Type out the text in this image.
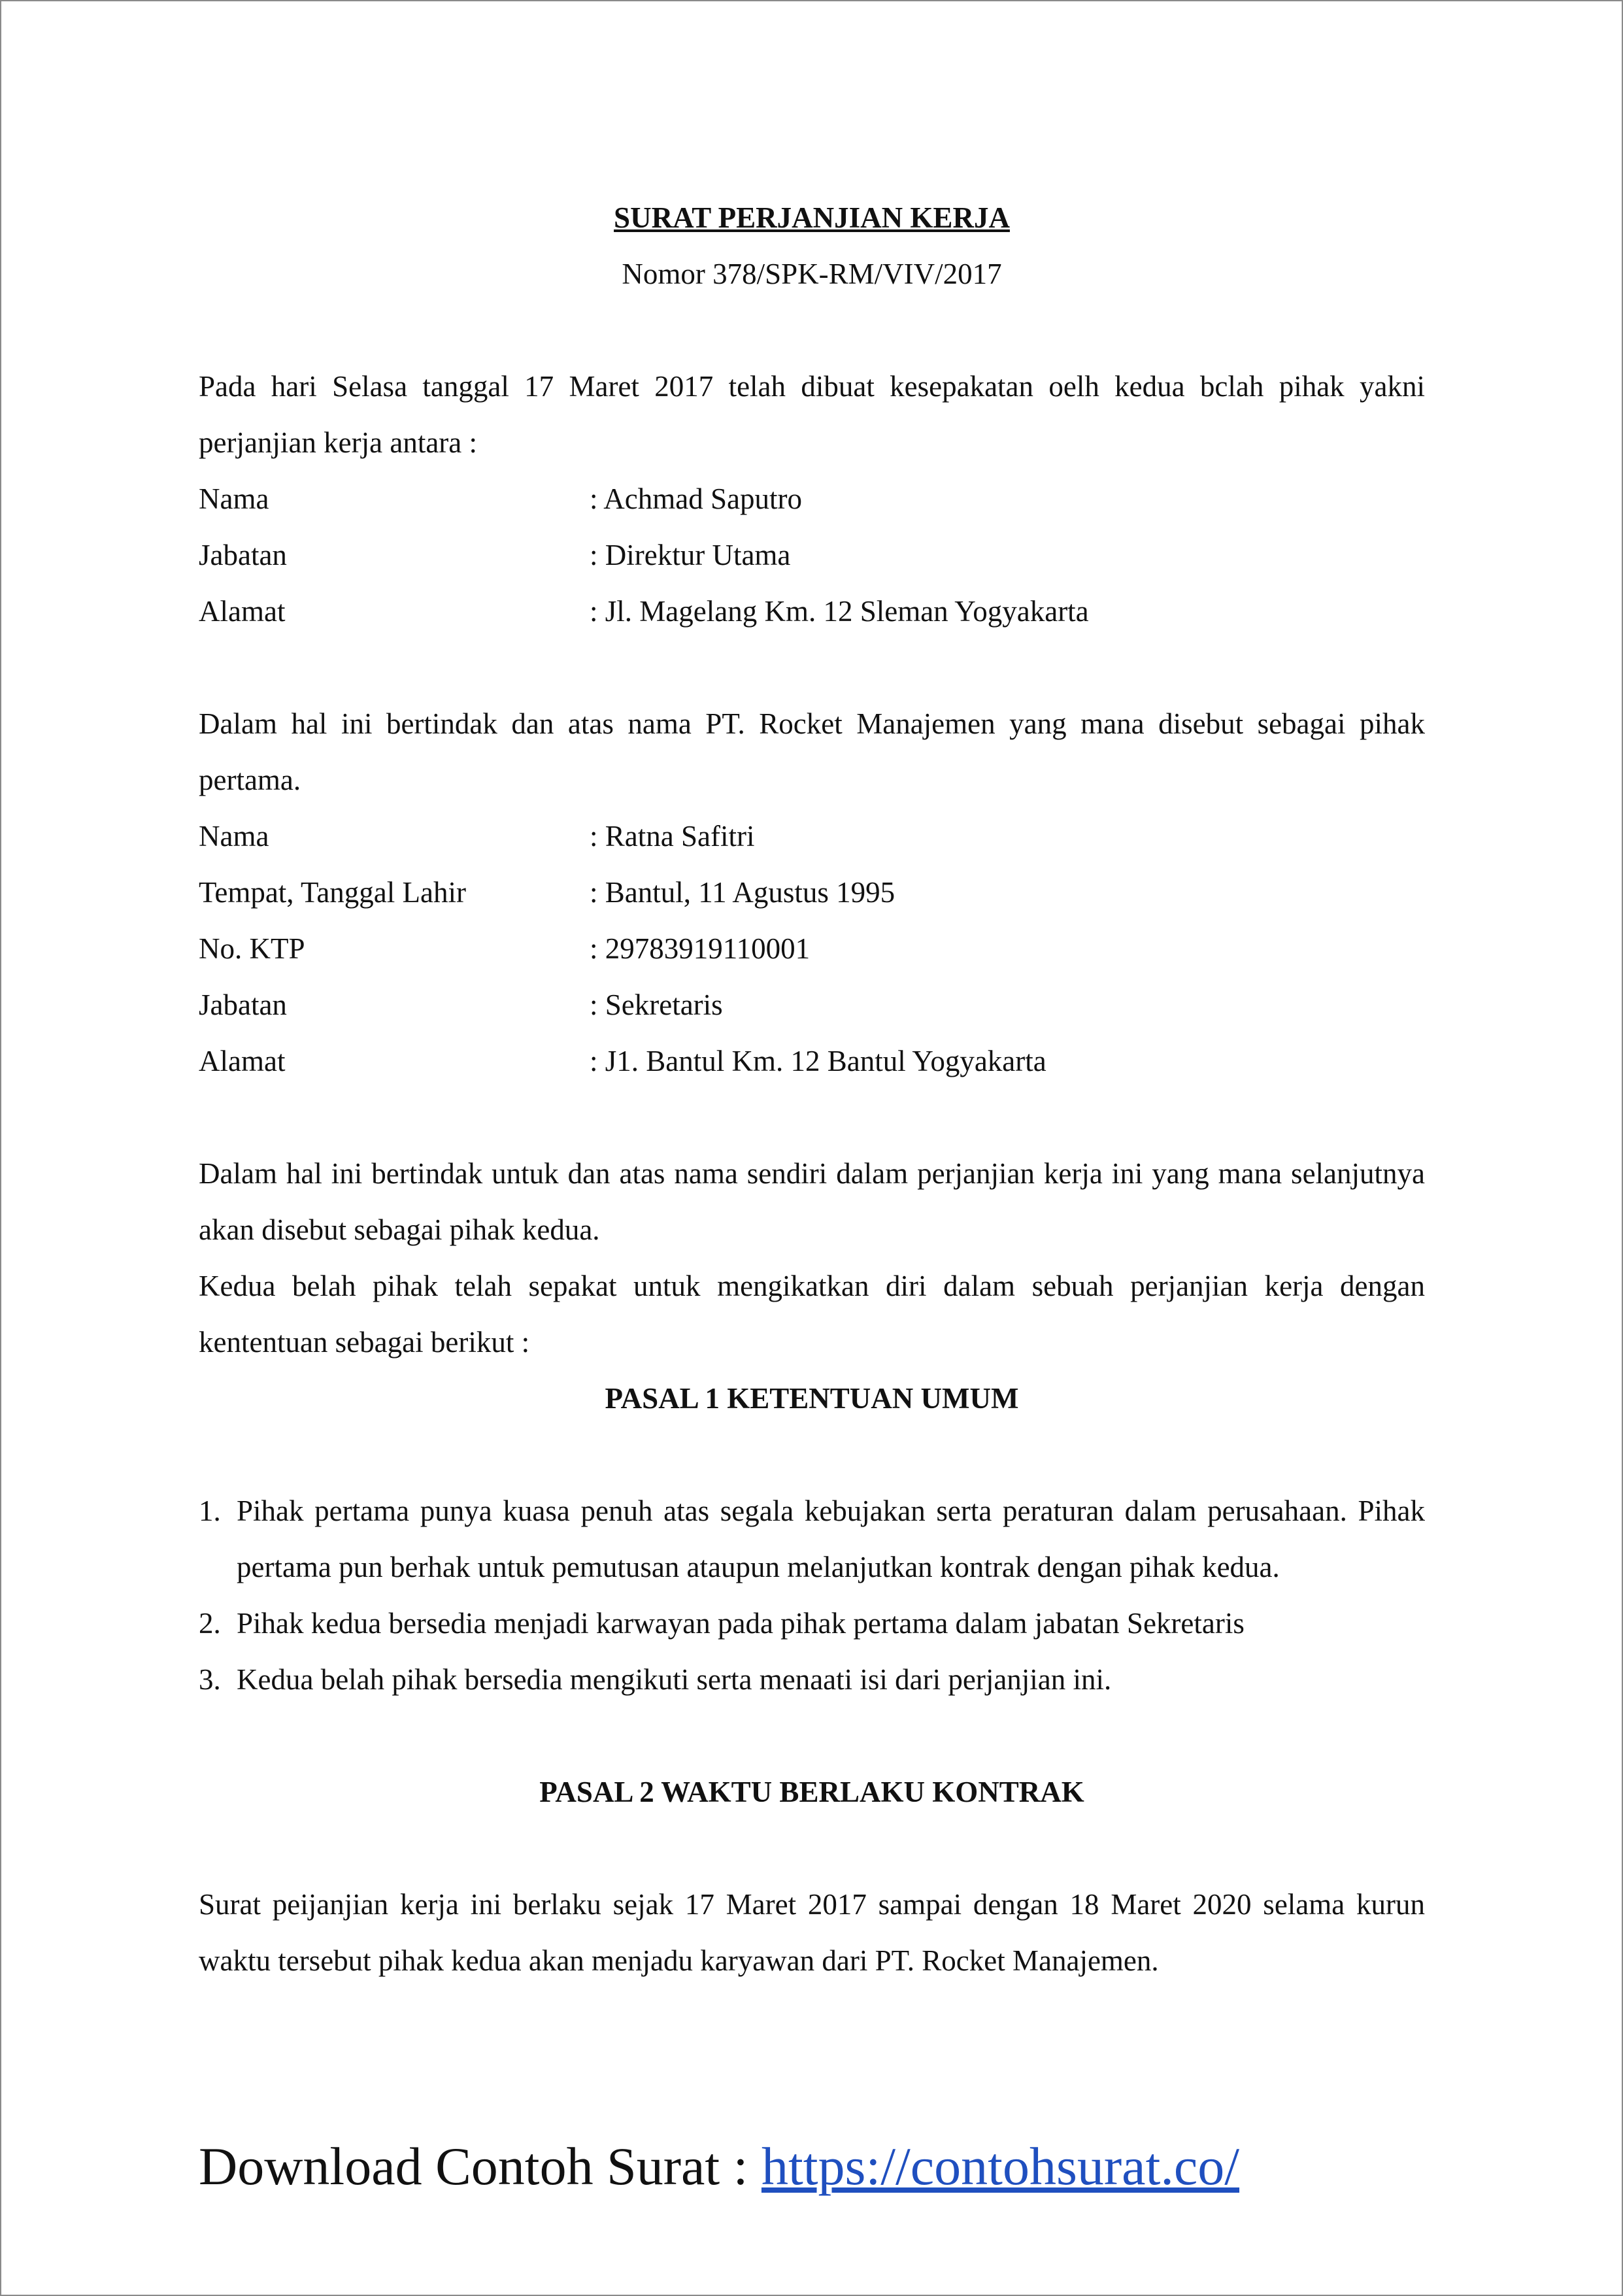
SURAT PERJANJIAN KERJA

Nomor 378/SPK-RM/VIV/2017

Pada hari Selasa tanggal 17 Maret 2017 telah dibuat kesepakatan oelh kedua bclah pihak yakni perjanjian kerja antara :

Nama	: Achmad Saputro
Jabatan	: Direktur Utama
Alamat	: Jl. Magelang Km. 12 Sleman Yogyakarta

Dalam hal ini bertindak dan atas nama PT. Rocket Manajemen yang mana disebut sebagai pihak pertama.

Nama	: Ratna Safitri
Tempat, Tanggal Lahir	: Bantul, 11 Agustus 1995
No. KTP	: 29783919110001
Jabatan	: Sekretaris
Alamat	: J1. Bantul Km. 12 Bantul Yogyakarta

Dalam hal ini bertindak untuk dan atas nama sendiri dalam perjanjian kerja ini yang mana selanjutnya akan disebut sebagai pihak kedua.

Kedua belah pihak telah sepakat untuk mengikatkan diri dalam sebuah perjanjian kerja dengan kententuan sebagai berikut :

PASAL 1 KETENTUAN UMUM

1. Pihak pertama punya kuasa penuh atas segala kebujakan serta peraturan dalam perusahaan. Pihak pertama pun berhak untuk pemutusan ataupun melanjutkan kontrak dengan pihak kedua.
2. Pihak kedua bersedia menjadi karwayan pada pihak pertama dalam jabatan Sekretaris
3. Kedua belah pihak bersedia mengikuti serta menaati isi dari perjanjian ini.

PASAL 2 WAKTU BERLAKU KONTRAK

Surat peijanjian kerja ini berlaku sejak 17 Maret 2017 sampai dengan 18 Maret 2020 selama kurun waktu tersebut pihak kedua akan menjadu karyawan dari PT. Rocket Manajemen.

Download Contoh Surat : https://contohsurat.co/
